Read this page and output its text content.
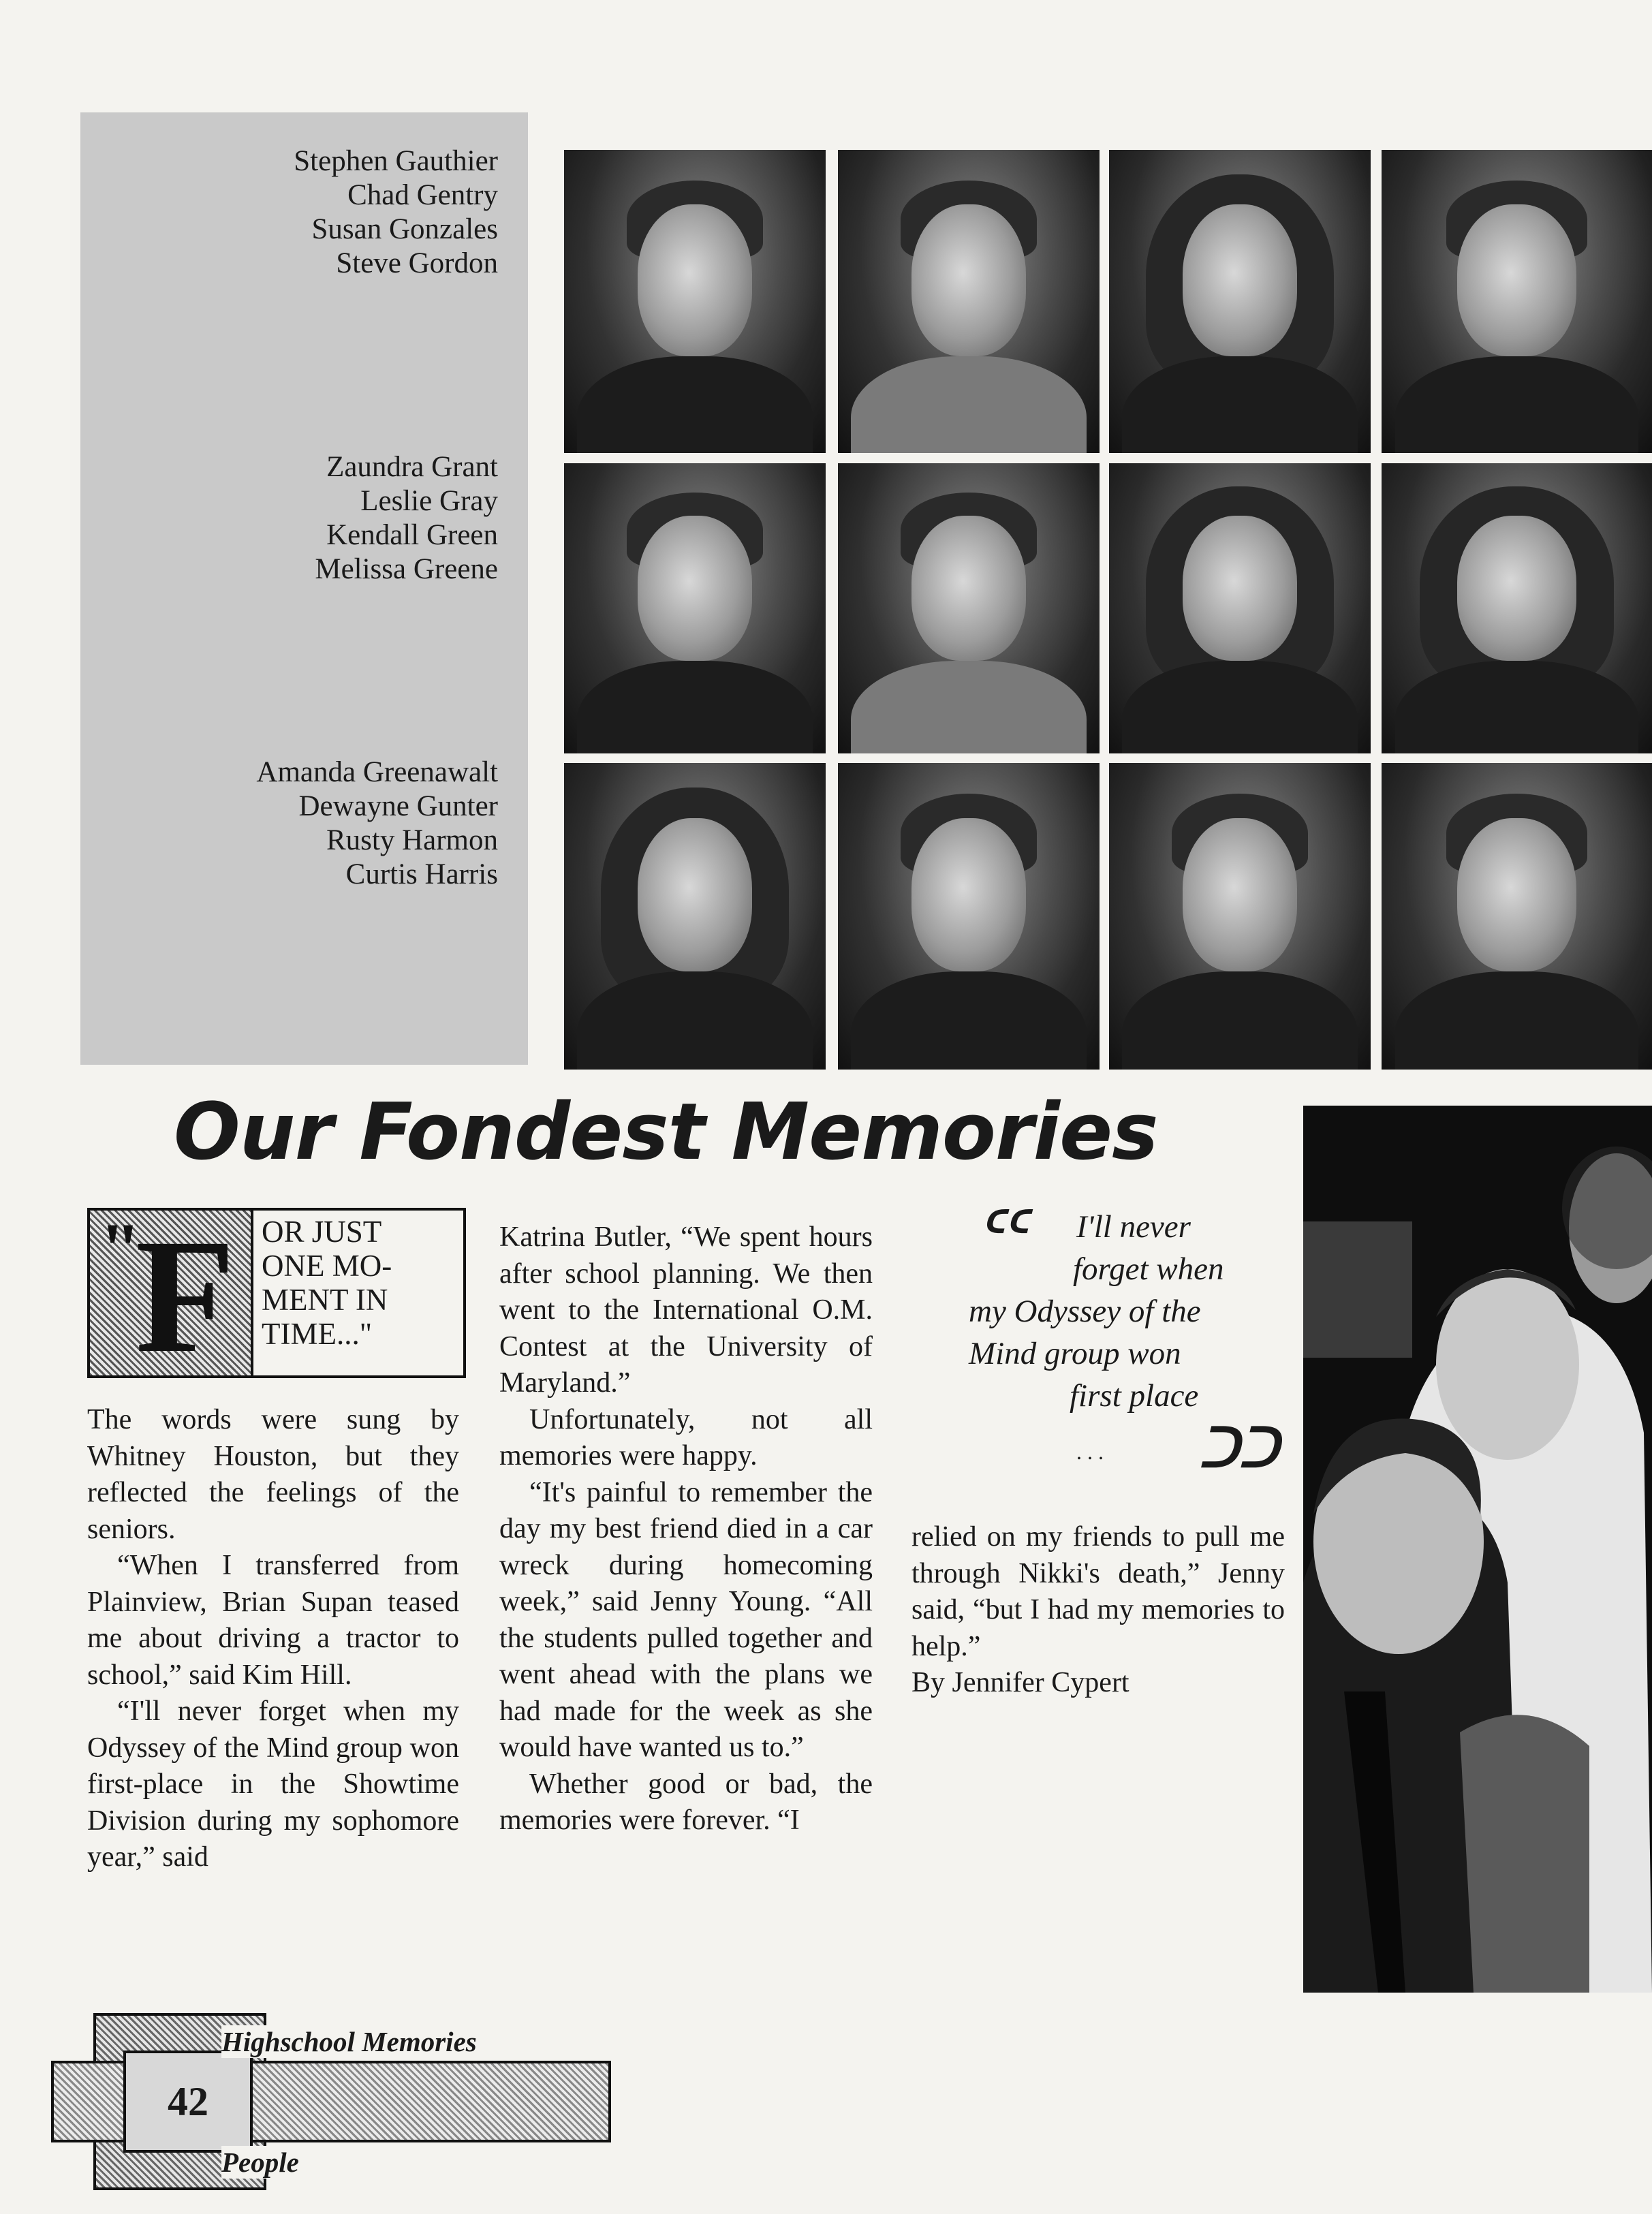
Stephen Gauthier
Chad Gentry
Susan Gonzales
Steve Gordon
Zaundra Grant
Leslie Gray
Kendall Green
Melissa Greene
Amanda Greenawalt
Dewayne Gunter
Rusty Harmon
Curtis Harris
Our Fondest Memories
"
F OR JUST
ONE MO-
MENT IN
TIME..."

The words were sung by Whitney Houston, but they reflected the feelings of the seniors.

“When I transferred from Plainview, Brian Supan teased me about driving a tractor to school,” said Kim Hill.

“I'll never forget when my Odyssey of the Mind group won first-place in the Showtime Division during my sophomore year,” said

Katrina Butler, “We spent hours after school planning. We then went to the International O.M. Contest at the University of Maryland.”

Unfortunately, not all memories were happy.

“It's painful to remember the day my best friend died in a car wreck during homecoming week,” said Jenny Young. “All the students pulled together and went ahead with the plans we had made for the week as she would have wanted us to.”

Whether good or bad, the memories were forever. “I

ᑦᑦ I'll never
forget when
my Odyssey of the
Mind group won
first place
. . . ᑐᑐ

relied on my friends to pull me through Nikki's death,” Jenny said, “but I had my memories to help.”

By Jennifer Cypert

42
Highschool Memories
People
